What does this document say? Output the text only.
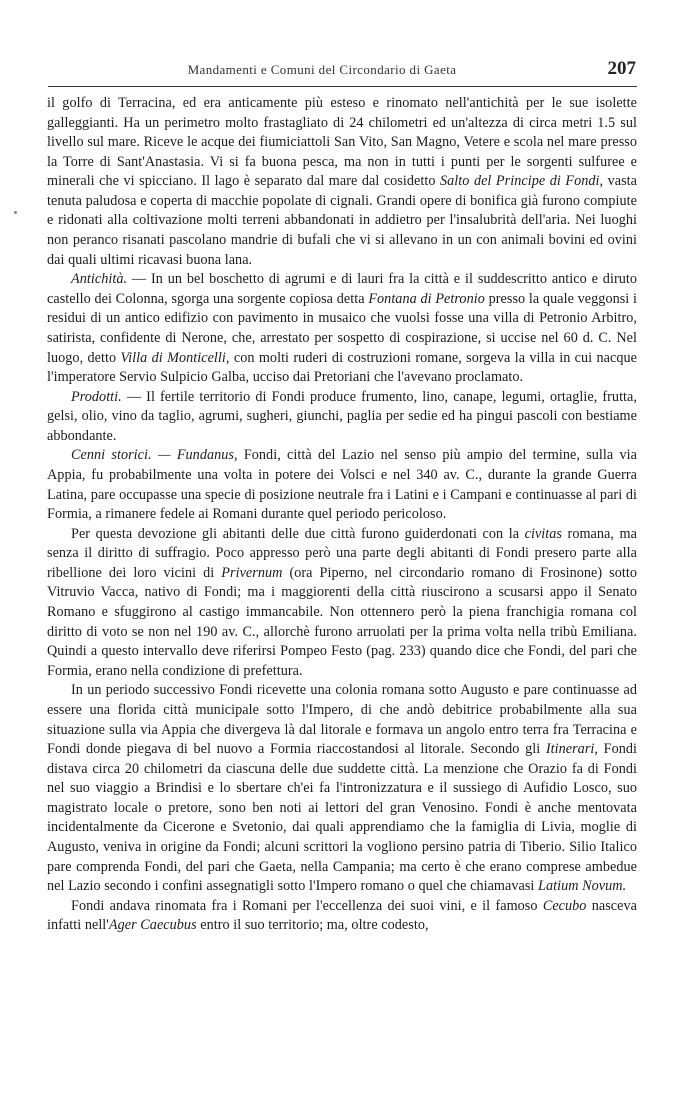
Mandamenti e Comuni del Circondario di Gaeta	207

il golfo di Terracina, ed era anticamente più esteso e rinomato nell'antichità per le sue isolette galleggianti. Ha un perimetro molto frastagliato di 24 chilometri ed un'altezza di circa metri 1.5 sul livello sul mare. Riceve le acque dei fiumiciattoli San Vito, San Magno, Vetere e scola nel mare presso la Torre di Sant'Anastasia. Vi si fa buona pesca, ma non in tutti i punti per le sorgenti sulfuree e minerali che vi spicciano. Il lago è separato dal mare dal cosidetto Salto del Principe di Fondi, vasta tenuta paludosa e coperta di macchie popolate di cignali. Grandi opere di bonifica già furono compiute e ridonati alla coltivazione molti terreni abbandonati in addietro per l'insalubrità dell'aria. Nei luoghi non peranco risanati pascolano mandrie di bufali che vi si allevano in un con animali bovini ed ovini dai quali ultimi ricavasi buona lana.

Antichità. — In un bel boschetto di agrumi e di lauri fra la città e il suddescritto antico e diruto castello dei Colonna, sgorga una sorgente copiosa detta Fontana di Petronio presso la quale veggonsi i residui di un antico edifizio con pavimento in musaico che vuolsi fosse una villa di Petronio Arbitro, satirista, confidente di Nerone, che, arrestato per sospetto di cospirazione, si uccise nel 60 d. C. Nel luogo, detto Villa di Monticelli, con molti ruderi di costruzioni romane, sorgeva la villa in cui nacque l'imperatore Servio Sulpicio Galba, ucciso dai Pretoriani che l'avevano proclamato.

Prodotti. — Il fertile territorio di Fondi produce frumento, lino, canape, legumi, ortaglie, frutta, gelsi, olio, vino da taglio, agrumi, sugheri, giunchi, paglia per sedie ed ha pingui pascoli con bestiame abbondante.

Cenni storici. — Fundanus, Fondi, città del Lazio nel senso più ampio del termine, sulla via Appia, fu probabilmente una volta in potere dei Volsci e nel 340 av. C., durante la grande Guerra Latina, pare occupasse una specie di posizione neutrale fra i Latini e i Campani e continuasse al pari di Formia, a rimanere fedele ai Romani durante quel periodo pericoloso.

Per questa devozione gli abitanti delle due città furono guiderdonati con la civitas romana, ma senza il diritto di suffragio. Poco appresso però una parte degli abitanti di Fondi presero parte alla ribellione dei loro vicini di Privernum (ora Piperno, nel circondario romano di Frosinone) sotto Vitruvio Vacca, nativo di Fondi; ma i maggiorenti della città riuscirono a scusarsi appo il Senato Romano e sfuggirono al castigo immancabile. Non ottennero però la piena franchigia romana col diritto di voto se non nel 190 av. C., allorchè furono arruolati per la prima volta nella tribù Emiliana. Quindi a questo intervallo deve riferirsi Pompeo Festo (pag. 233) quando dice che Fondi, del pari che Formia, erano nella condizione di prefettura.

In un periodo successivo Fondi ricevette una colonia romana sotto Augusto e pare continuasse ad essere una florida città municipale sotto l'Impero, di che andò debitrice probabilmente alla sua situazione sulla via Appia che divergeva là dal litorale e formava un angolo entro terra fra Terracina e Fondi donde piegava di bel nuovo a Formia riaccostandosi al litorale. Secondo gli Itinerari, Fondi distava circa 20 chilometri da ciascuna delle due suddette città. La menzione che Orazio fa di Fondi nel suo viaggio a Brindisi e lo sbertare ch'ei fa l'intronizzatura e il sussiego di Aufidio Losco, suo magistrato locale o pretore, sono ben noti ai lettori del gran Venosino. Fondi è anche mentovata incidentalmente da Cicerone e Svetonio, dai quali apprendiamo che la famiglia di Livia, moglie di Augusto, veniva in origine da Fondi; alcuni scrittori la vogliono persino patria di Tiberio. Silio Italico pare comprenda Fondi, del pari che Gaeta, nella Campania; ma certo è che erano comprese ambedue nel Lazio secondo i confini assegnatigli sotto l'Impero romano o quel che chiamavasi Latium Novum.

Fondi andava rinomata fra i Romani per l'eccellenza dei suoi vini, e il famoso Cecubo nasceva infatti nell'Ager Caecubus entro il suo territorio; ma, oltre codesto,
